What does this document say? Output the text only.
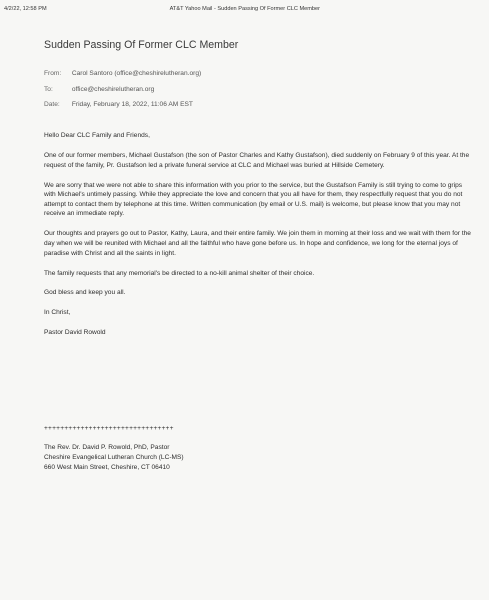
4/2/22, 12:58 PM	AT&T Yahoo Mail - Sudden Passing Of Former CLC Member
Sudden Passing Of Former CLC Member
From: Carol Santoro (office@cheshirelutheran.org)
To:	office@cheshirelutheran.org
Date: Friday, February 18, 2022, 11:06 AM EST

Hello Dear CLC Family and Friends,

One of our former members, Michael Gustafson (the son of Pastor Charles and Kathy Gustafson), died suddenly on February 9 of this year. At the request of the family, Pr. Gustafson led a private funeral service at CLC and Michael was buried at Hillside Cemetery.

We are sorry that we were not able to share this information with you prior to the service, but the Gustafson Family is still trying to come to grips with Michael's untimely passing. While they appreciate the love and concern that you all have for them, they respectfully request that you do not attempt to contact them by telephone at this time. Written communication (by email or U.S. mail) is welcome, but please know that you may not receive an immediate reply.

Our thoughts and prayers go out to Pastor, Kathy, Laura, and their entire family. We join them in morning at their loss and we wait with them for the day when we will be reunited with Michael and all the faithful who have gone before us. In hope and confidence, we long for the eternal joys of paradise with Christ and all the saints in light.

The family requests that any memorial's be directed to a no-kill animal shelter of their choice.

God bless and keep you all.

In Christ,

Pastor David Rowold

++++++++++++++++++++++++++++++++
The Rev. Dr. David P. Rowold, PhD, Pastor
Cheshire Evangelical Lutheran Church (LC-MS)
660 West Main Street, Cheshire, CT 06410
